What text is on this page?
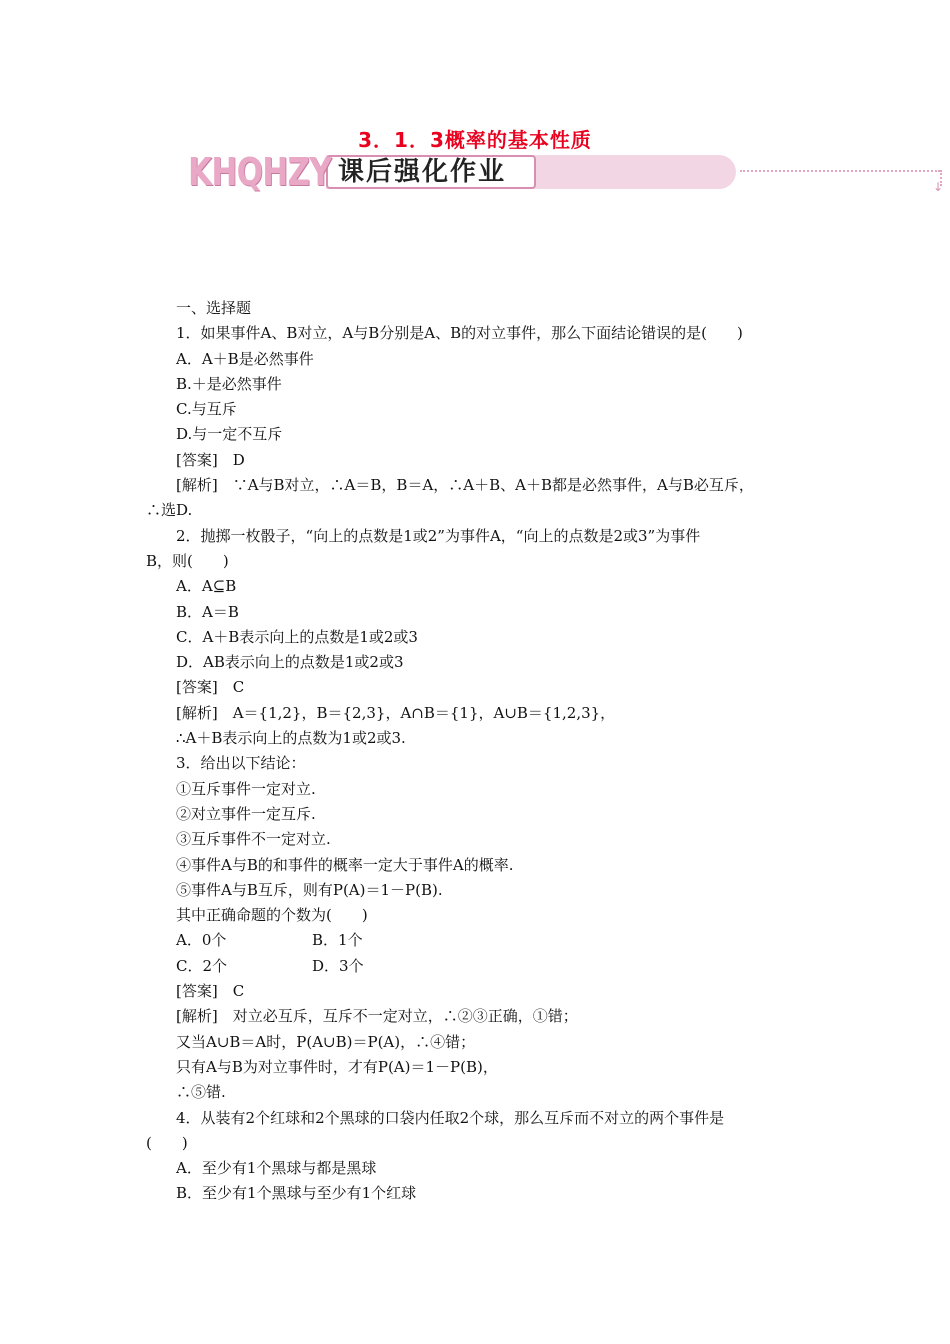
3．1．3概率的基本性质
KHQHZY 课后强化作业	↓

一、选择题

1．如果事件A、B对立，A与B分别是A、B的对立事件，那么下面结论错误的是(　　)

A．A＋B是必然事件

B.＋是必然事件

C.与互斥

D.与一定不互斥

[答案]　D

[解析]　∵A与B对立，∴A＝B，B＝A，∴A＋B、A＋B都是必然事件，A与B必互斥，

∴选D.

2．抛掷一枚骰子，“向上的点数是1或2”为事件A，“向上的点数是2或3”为事件

B，则(　　)

A．A⊆B

B．A＝B

C．A＋B表示向上的点数是1或2或3

D．AB表示向上的点数是1或2或3

[答案]　C

[解析]　A＝{1,2}，B＝{2,3}，A∩B＝{1}，A∪B＝{1,2,3}，

∴A＋B表示向上的点数为1或2或3.

3．给出以下结论：

①互斥事件一定对立.

②对立事件一定互斥.

③互斥事件不一定对立.

④事件A与B的和事件的概率一定大于事件A的概率.

⑤事件A与B互斥，则有P(A)＝1－P(B).

其中正确命题的个数为(　　)

A．0个	B．1个
C．2个	D．3个

[答案]　C

[解析]　对立必互斥，互斥不一定对立，∴②③正确，①错；

又当A∪B＝A时，P(A∪B)＝P(A)，∴④错；

只有A与B为对立事件时，才有P(A)＝1－P(B)，

∴⑤错.

4．从装有2个红球和2个黑球的口袋内任取2个球，那么互斥而不对立的两个事件是

(　　)

A．至少有1个黑球与都是黑球

B．至少有1个黑球与至少有1个红球
